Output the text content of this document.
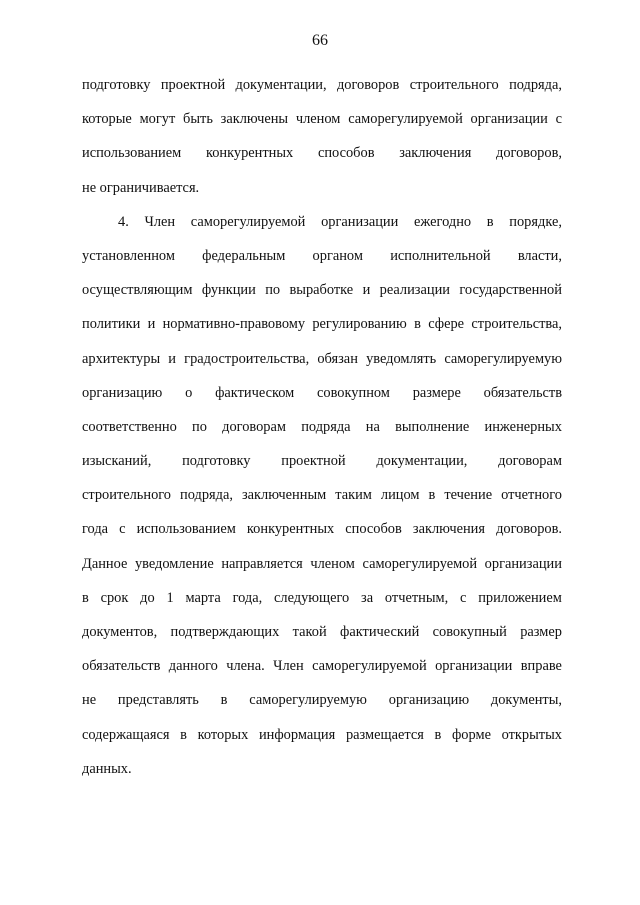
66

подготовку проектной документации, договоров строительного подряда,
которые могут быть заключены членом саморегулируемой организации с
использованием конкурентных способов заключения договоров,
не ограничивается.

4. Член саморегулируемой организации ежегодно в порядке,
установленном федеральным органом исполнительной власти,
осуществляющим функции по выработке и реализации государственной
политики и нормативно-правовому регулированию в сфере строительства,
архитектуры и градостроительства, обязан уведомлять саморегулируемую
организацию о фактическом совокупном размере обязательств
соответственно по договорам подряда на выполнение инженерных
изысканий, подготовку проектной документации, договорам
строительного подряда, заключенным таким лицом в течение отчетного
года с использованием конкурентных способов заключения договоров.
Данное уведомление направляется членом саморегулируемой организации
в срок до 1 марта года, следующего за отчетным, с приложением
документов, подтверждающих такой фактический совокупный размер
обязательств данного члена. Член саморегулируемой организации вправе
не представлять в саморегулируемую организацию документы,
содержащаяся в которых информация размещается в форме открытых
данных.
